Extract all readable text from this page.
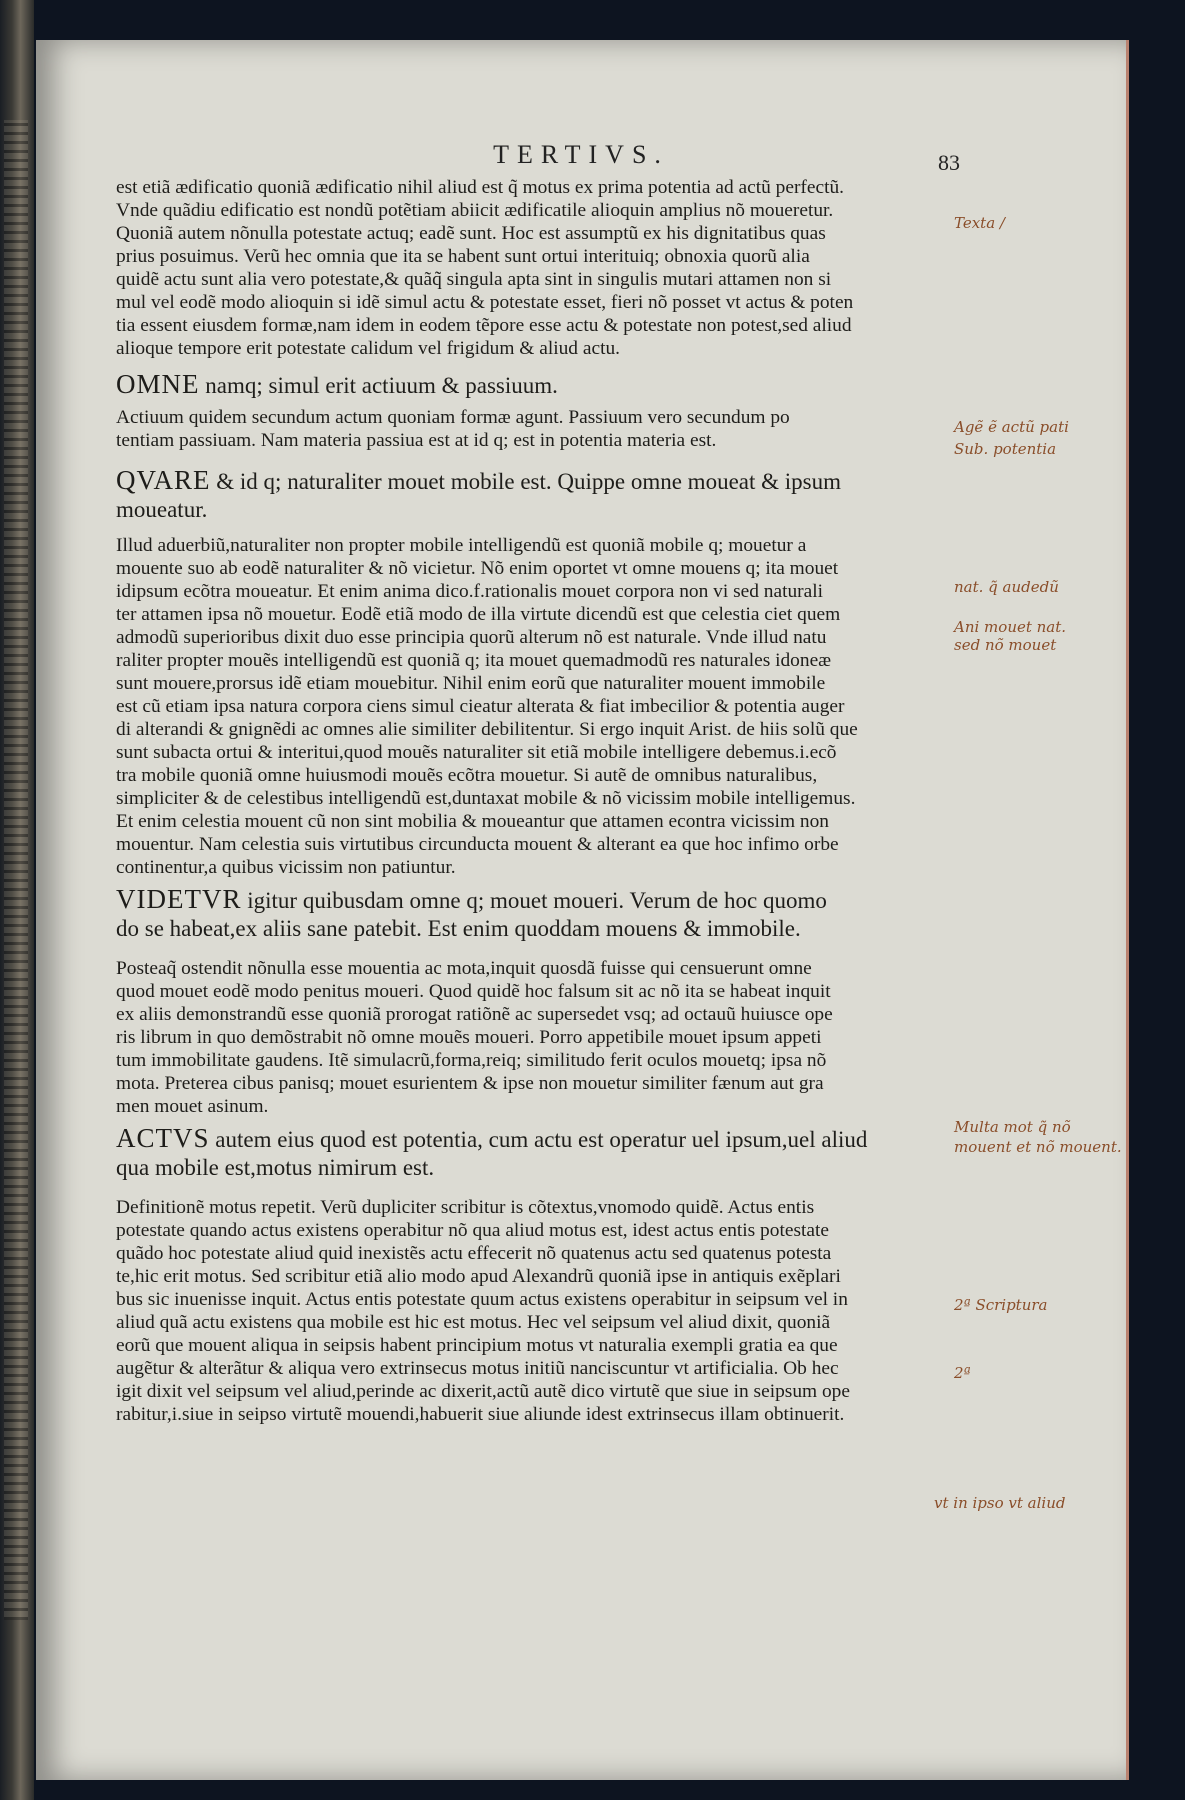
TERTIVS.	83
est etiã ædificatio quoniã ædificatio nihil aliud est q̃ motus ex prima potentia ad actũ perfectũ.
Vnde quãdiu edificatio est nondũ potẽtiam abiicit ædificatile alioquin amplius nõ moueretur.
Quoniã autem nõnulla potestate actuq; eadẽ sunt. Hoc est assumptũ ex his dignitatibus quas
prius posuimus. Verũ hec omnia que ita se habent sunt ortui interituiq; obnoxia quorũ alia
quidẽ actu sunt alia vero potestate,& quãq̃ singula apta sint in singulis mutari attamen non si
mul vel eodẽ modo alioquin si idẽ simul actu & potestate esset, fieri nõ posset vt actus & poten
tia essent eiusdem formæ,nam idem in eodem tẽpore esse actu & potestate non potest,sed aliud
alioque tempore erit potestate calidum vel frigidum & aliud actu.
OMNE namq; simul erit actiuum & passiuum.
Actiuum quidem secundum actum quoniam formæ agunt. Passiuum vero secundum po
tentiam passiuam. Nam materia passiua est at id q; est in potentia materia est.
QVARE & id q; naturaliter mouet mobile est. Quippe omne moueat & ipsum
moueatur.
Illud aduerbiũ,naturaliter non propter mobile intelligendũ est quoniã mobile q; mouetur a
mouente suo ab eodẽ naturaliter & nõ vicietur. Nõ enim oportet vt omne mouens q; ita mouet
idipsum ecõtra moueatur. Et enim anima dico.f.rationalis mouet corpora non vi sed naturali
ter attamen ipsa nõ mouetur. Eodẽ etiã modo de illa virtute dicendũ est que celestia ciet quem
admodũ superioribus dixit duo esse principia quorũ alterum nõ est naturale. Vnde illud natu
raliter propter mouẽs intelligendũ est quoniã q; ita mouet quemadmodũ res naturales idoneæ
sunt mouere,prorsus idẽ etiam mouebitur. Nihil enim eorũ que naturaliter mouent immobile
est cũ etiam ipsa natura corpora ciens simul cieatur alterata & fiat imbecilior & potentia auger
di alterandi & gnignẽdi ac omnes alie similiter debilitentur. Si ergo inquit Arist. de hiis solũ que
sunt subacta ortui & interitui,quod mouẽs naturaliter sit etiã mobile intelligere debemus.i.ecõ
tra mobile quoniã omne huiusmodi mouẽs ecõtra mouetur. Si autẽ de omnibus naturalibus,
simpliciter & de celestibus intelligendũ est,duntaxat mobile & nõ vicissim mobile intelligemus.
Et enim celestia mouent cũ non sint mobilia & moueantur que attamen econtra vicissim non
mouentur. Nam celestia suis virtutibus circunducta mouent & alterant ea que hoc infimo orbe
continentur,a quibus vicissim non patiuntur.
VIDETVR igitur quibusdam omne q; mouet moueri. Verum de hoc quomo
do se habeat,ex aliis sane patebit. Est enim quoddam mouens & immobile.
Posteaq̃ ostendit nõnulla esse mouentia ac mota,inquit quosdã fuisse qui censuerunt omne
quod mouet eodẽ modo penitus moueri. Quod quidẽ hoc falsum sit ac nõ ita se habeat inquit
ex aliis demonstrandũ esse quoniã prorogat ratiõnẽ ac supersedet vsq; ad octauũ huiusce ope
ris librum in quo demõstrabit nõ omne mouẽs moueri. Porro appetibile mouet ipsum appeti
tum immobilitate gaudens. Itẽ simulacrũ,forma,reiq; similitudo ferit oculos mouetq; ipsa nõ
mota. Preterea cibus panisq; mouet esurientem & ipse non mouetur similiter fænum aut gra
men mouet asinum.
ACTVS autem eius quod est potentia, cum actu est operatur uel ipsum,uel aliud
qua mobile est,motus nimirum est.
Definitionẽ motus repetit. Verũ dupliciter scribitur is cõtextus,vnomodo quidẽ. Actus entis
potestate quando actus existens operabitur nõ qua aliud motus est, idest actus entis potestate
quãdo hoc potestate aliud quid inexistẽs actu effecerit nõ quatenus actu sed quatenus potesta
te,hic erit motus. Sed scribitur etiã alio modo apud Alexandrũ quoniã ipse in antiquis exẽplari
bus sic inuenisse inquit. Actus entis potestate quum actus existens operabitur in seipsum vel in
aliud quã actu existens qua mobile est hic est motus. Hec vel seipsum vel aliud dixit, quoniã
eorũ que mouent aliqua in seipsis habent principium motus vt naturalia exempli gratia ea que
augẽtur & alterãtur & aliqua vero extrinsecus motus initiũ nanciscuntur vt artificialia. Ob hec
igit dixit vel seipsum vel aliud,perinde ac dixerit,actũ autẽ dico virtutẽ que siue in seipsum ope
rabitur,i.siue in seipso virtutẽ mouendi,habuerit siue aliunde idest extrinsecus illam obtinuerit.
Texta /
Agẽ ẽ actũ pati
Sub. potentia
nat. q̃ audedũ
Ani mouet nat.
sed nõ mouet
Multa mot q̃ nõ
mouent et nõ mouent.
2ª Scriptura
2ª
vt in ipso vt aliud
